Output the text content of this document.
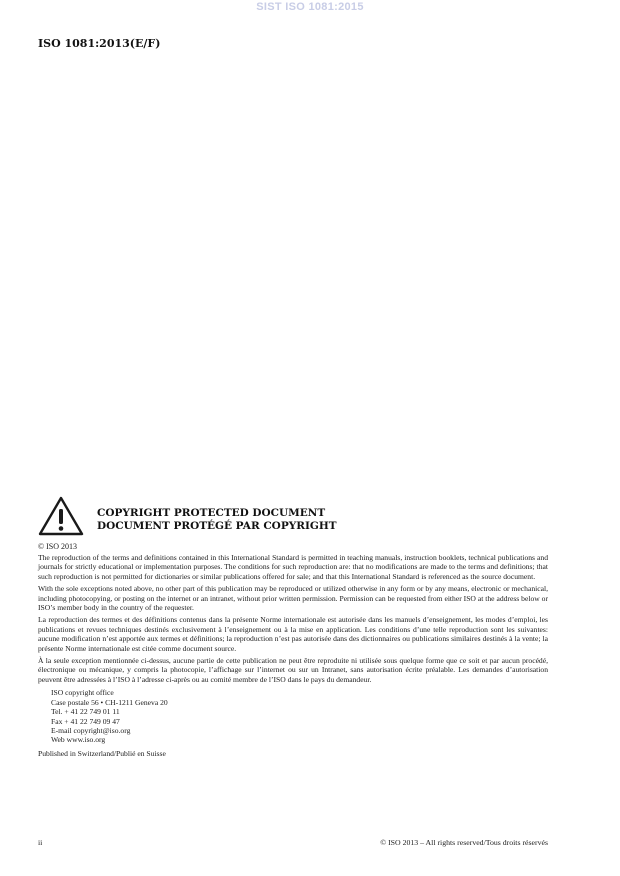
SIST ISO 1081:2015
ISO 1081:2013(E/F)
COPYRIGHT PROTECTED DOCUMENT
DOCUMENT PROTÉGÉ PAR COPYRIGHT
© ISO 2013

The reproduction of the terms and definitions contained in this International Standard is permitted in teaching manuals, instruction booklets, technical publications and journals for strictly educational or implementation purposes. The conditions for such reproduction are: that no modifications are made to the terms and definitions; that such reproduction is not permitted for dictionaries or similar publications offered for sale; and that this International Standard is referenced as the source document.

With the sole exceptions noted above, no other part of this publication may be reproduced or utilized otherwise in any form or by any means, electronic or mechanical, including photocopying, or posting on the internet or an intranet, without prior written permission. Permission can be requested from either ISO at the address below or ISO’s member body in the country of the requester.

La reproduction des termes et des définitions contenus dans la présente Norme internationale est autorisée dans les manuels d’enseignement, les modes d’emploi, les publications et revues techniques destinés exclusivement à l’enseignement ou à la mise en application. Les conditions d’une telle reproduction sont les suivantes: aucune modification n’est apportée aux termes et définitions; la reproduction n’est pas autorisée dans des dictionnaires ou publications similaires destinés à la vente; la présente Norme internationale est citée comme document source.

À la seule exception mentionnée ci-dessus, aucune partie de cette publication ne peut être reproduite ni utilisée sous quelque forme que ce soit et par aucun procédé, électronique ou mécanique, y compris la photocopie, l’affichage sur l’internet ou sur un Intranet, sans autorisation écrite préalable. Les demandes d’autorisation peuvent être adressées à l’ISO à l’adresse ci-après ou au comité membre de l’ISO dans le pays du demandeur.

ISO copyright office
Case postale 56 • CH-1211 Geneva 20
Tel. + 41 22 749 01 11
Fax + 41 22 749 09 47
E-mail copyright@iso.org
Web www.iso.org
Published in Switzerland/Publié en Suisse
ii	© ISO 2013 – All rights reserved/Tous droits réservés
